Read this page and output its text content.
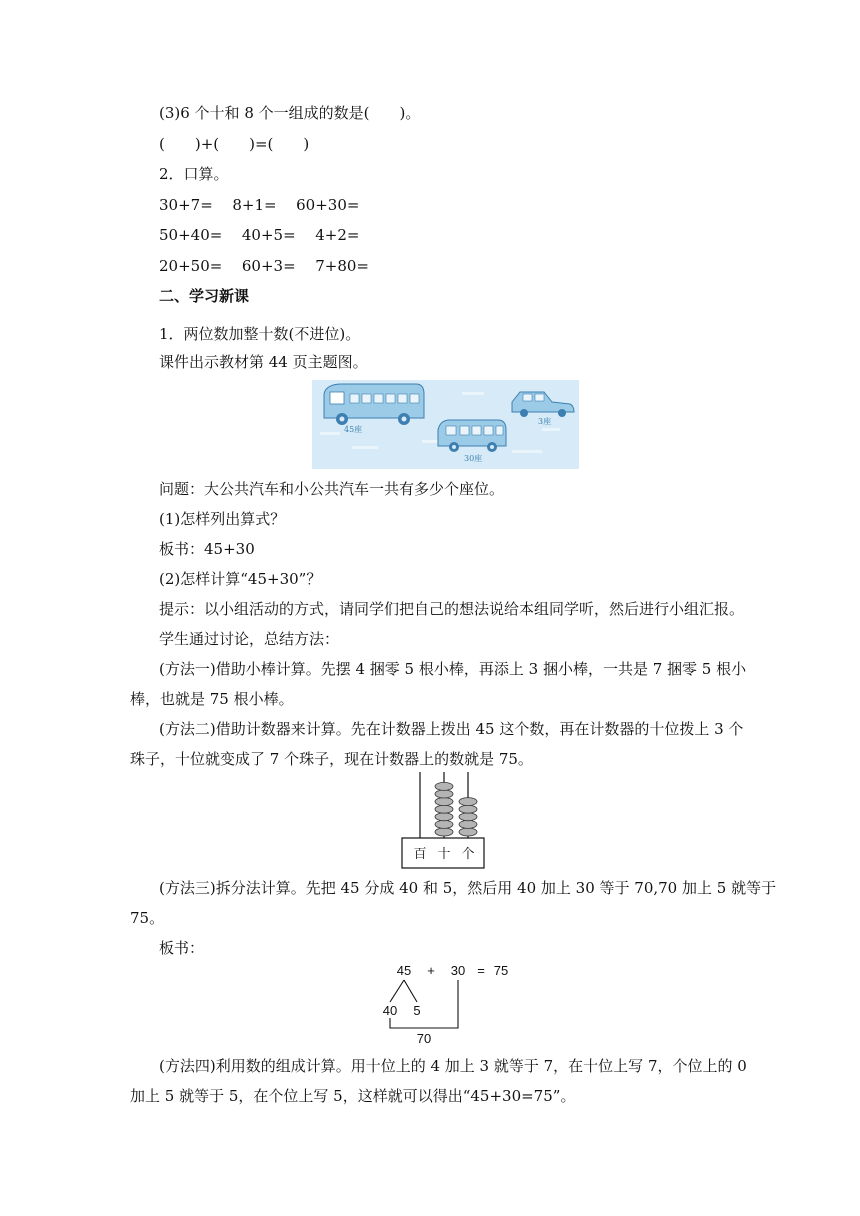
(3)6 个十和 8 个一组成的数是(　　)。
(　　)+(　　)=(　　)
2．口算。
30+7= 8+1= 60+30=
50+40= 40+5= 4+2=
20+50= 60+3= 7+80=
二、学习新课
1．两位数加整十数(不进位)。
课件出示教材第 44 页主题图。
45座
30座
3座
问题：大公共汽车和小公共汽车一共有多少个座位。
(1)怎样列出算式？
板书：45+30
(2)怎样计算“45+30”？
提示：以小组活动的方式，请同学们把自己的想法说给本组同学听，然后进行小组汇报。
学生通过讨论，总结方法：
(方法一)借助小棒计算。先摆 4 捆零 5 根小棒，再添上 3 捆小棒，一共是 7 捆零 5 根小
棒，也就是 75 根小棒。
(方法二)借助计数器来计算。先在计数器上拨出 45 这个数，再在计数器的十位拨上 3 个
珠子，十位就变成了 7 个珠子，现在计数器上的数就是 75。
百 十 个
(方法三)拆分法计算。先把 45 分成 40 和 5，然后用 40 加上 30 等于 70,70 加上 5 就等于
75。
板书：
45 + 30 = 75
40 5
70
(方法四)利用数的组成计算。用十位上的 4 加上 3 就等于 7，在十位上写 7，个位上的 0
加上 5 就等于 5，在个位上写 5，这样就可以得出“45+30=75”。
